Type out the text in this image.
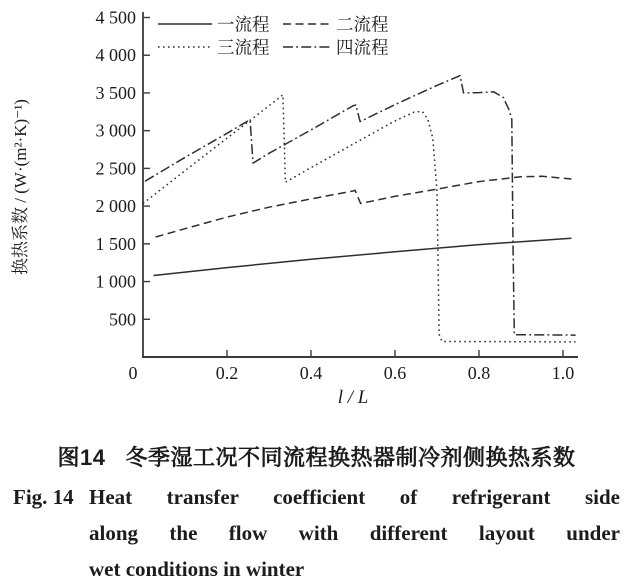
500
1 000
1 500
2 000
2 500
3 000
3 500
4 000
4 500
0	0.2	0.4	0.6	0.8	1.0
l / L
换热系数 / (W·(m²·K)⁻¹)
一流程	二流程
三流程	四流程
图14 冬季湿工况不同流程换热器制冷剂侧换热系数
Fig. 14 Heat transfer coefficient of refrigerant side
along the flow with different layout under
wet conditions in winter
